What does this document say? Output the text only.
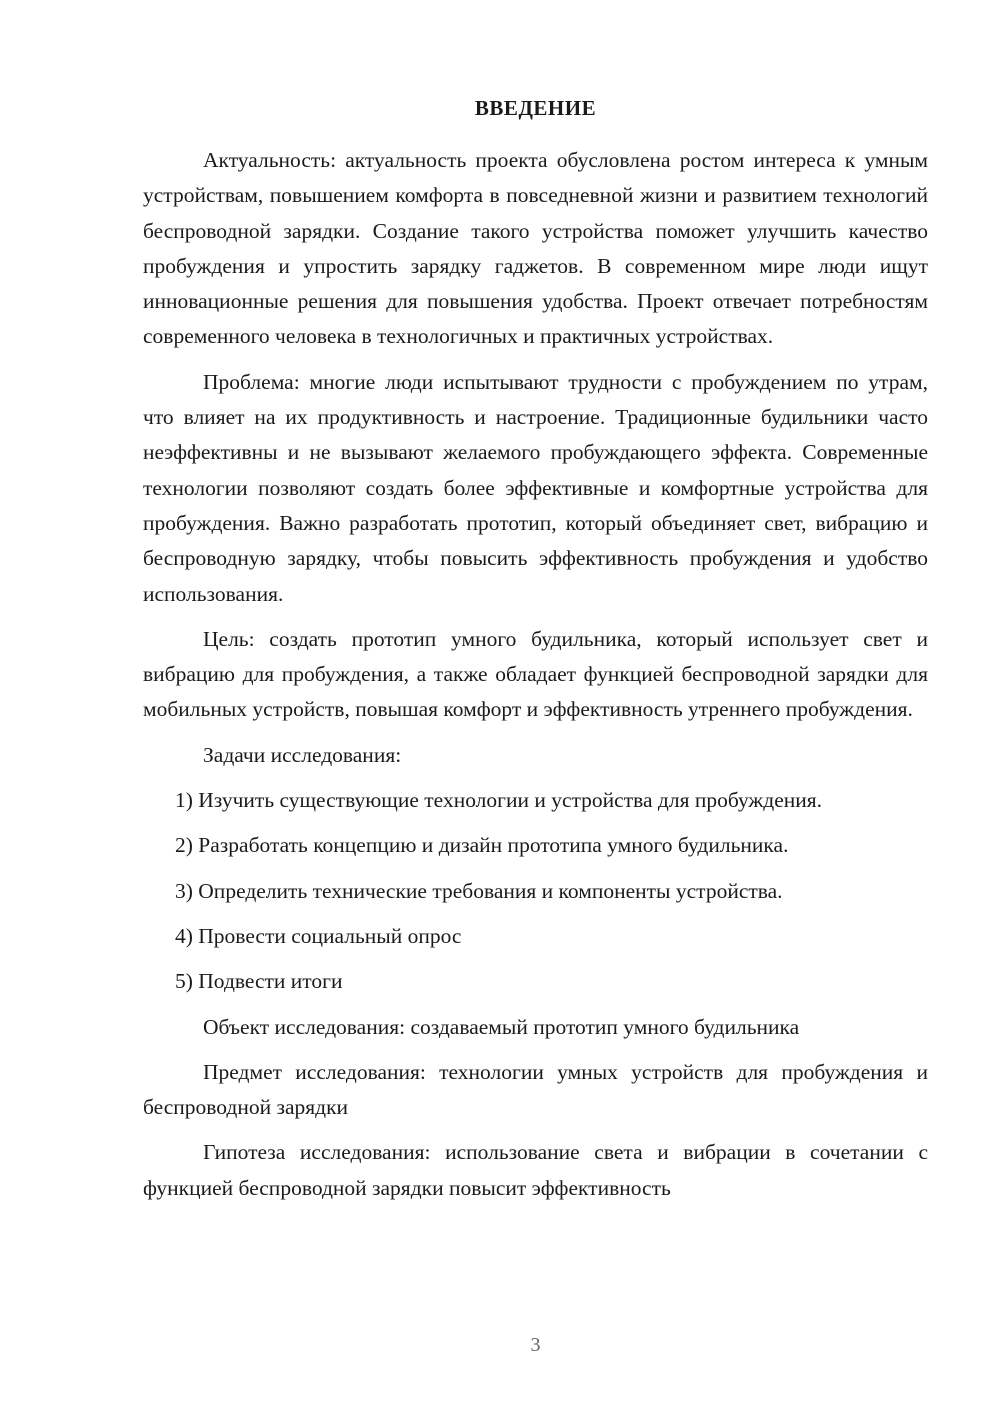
ВВЕДЕНИЕ

Актуальность: актуальность проекта обусловлена ростом интереса к умным устройствам, повышением комфорта в повседневной жизни и развитием технологий беспроводной зарядки. Создание такого устройства поможет улучшить качество пробуждения и упростить зарядку гаджетов. В современном мире люди ищут инновационные решения для повышения удобства. Проект отвечает потребностям современного человека в технологичных и практичных устройствах.

Проблема: многие люди испытывают трудности с пробуждением по утрам, что влияет на их продуктивность и настроение. Традиционные будильники часто неэффективны и не вызывают желаемого пробуждающего эффекта. Современные технологии позволяют создать более эффективные и комфортные устройства для пробуждения. Важно разработать прототип, который объединяет свет, вибрацию и беспроводную зарядку, чтобы повысить эффективность пробуждения и удобство использования.

Цель: создать прототип умного будильника, который использует свет и вибрацию для пробуждения, а также обладает функцией беспроводной зарядки для мобильных устройств, повышая комфорт и эффективность утреннего пробуждения.

Задачи исследования:

1) Изучить существующие технологии и устройства для пробуждения.
2) Разработать концепцию и дизайн прототипа умного будильника.
3) Определить технические требования и компоненты устройства.
4) Провести социальный опрос
5) Подвести итоги

Объект исследования: создаваемый прототип умного будильника

Предмет исследования: технологии умных устройств для пробуждения и беспроводной зарядки

Гипотеза исследования: использование света и вибрации в сочетании с функцией беспроводной зарядки повысит эффективность

3
